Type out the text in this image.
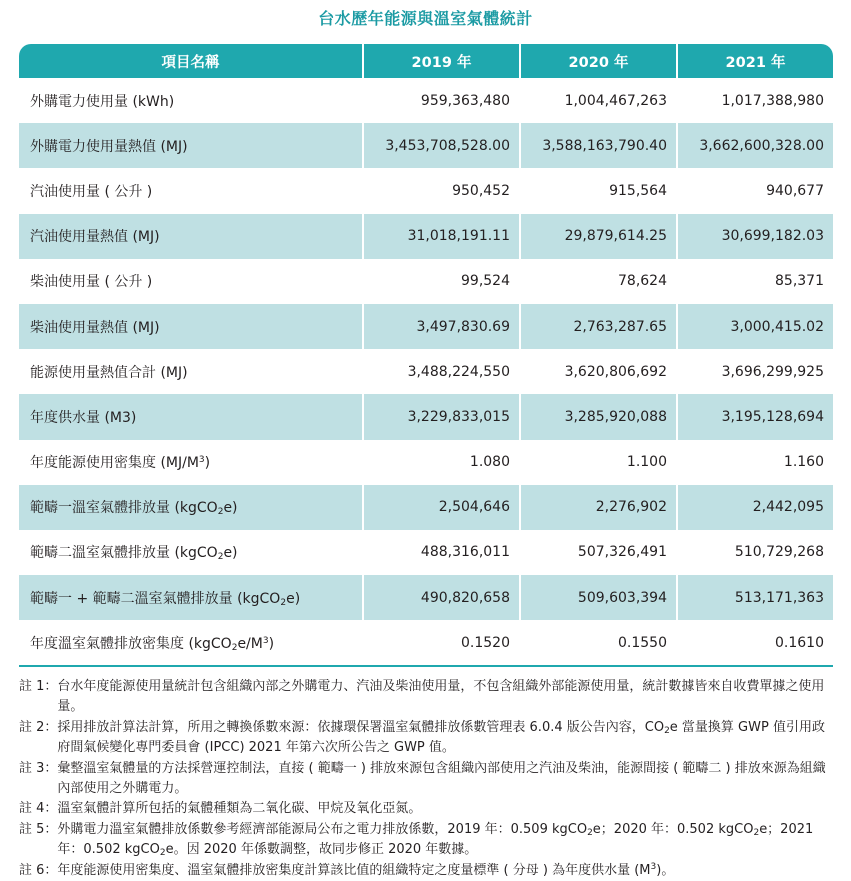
台水歷年能源與溫室氣體統計
項目名稱	2019 年	2020 年	2021 年
外購電力使用量 (kWh)	959,363,480	1,004,467,263	1,017,388,980
外購電力使用量熱值 (MJ)	3,453,708,528.00	3,588,163,790.40	3,662,600,328.00
汽油使用量 ( 公升 )	950,452	915,564	940,677
汽油使用量熱值 (MJ)	31,018,191.11	29,879,614.25	30,699,182.03
柴油使用量 ( 公升 )	99,524	78,624	85,371
柴油使用量熱值 (MJ)	3,497,830.69	2,763,287.65	3,000,415.02
能源使用量熱值合計 (MJ)	3,488,224,550	3,620,806,692	3,696,299,925
年度供水量 (M3)	3,229,833,015	3,285,920,088	3,195,128,694
年度能源使用密集度 $(MJ/M^3)$	1.080	1.100	1.160
範疇一溫室氣體排放量 (kgCO$_2$e)	2,504,646	2,276,902	2,442,095
範疇二溫室氣體排放量 (kgCO$_2$e)	488,316,011	507,326,491	510,729,268
範疇一 + 範疇二溫室氣體排放量 (kgCO$_2$e)	490,820,658	509,603,394	513,171,363
年度溫室氣體排放密集度 $(kgCO_2e/M^3)$	0.1520	0.1550	0.1610
註 1： 台水年度能源使用量統計包含組織內部之外購電力、汽油及柴油使用量，不包含組織外部能源使用量，統計數據皆來自收費單據之使用量。
註 2： 採用排放計算法計算，所用之轉換係數來源：依據環保署溫室氣體排放係數管理表 6.0.4 版公告內容，$CO_2e$ 當量換算 GWP 值引用政府間氣候變化專門委員會 (IPCC) 2021 年第六次所公告之 GWP 值。
註 3： 彙整溫室氣體量的方法採營運控制法，直接 ( 範疇一 ) 排放來源包含組織內部使用之汽油及柴油，能源間接 ( 範疇二 ) 排放來源為組織內部使用之外購電力。
註 4： 溫室氣體計算所包括的氣體種類為二氧化碳、甲烷及氧化亞氮。
註 5： 外購電力溫室氣體排放係數參考經濟部能源局公布之電力排放係數，2019 年：0.509 kgCO$_2$e；2020 年：0.502 kgCO$_2$e；2021 年：0.502 kgCO$_2$e。因 2020 年係數調整，故同步修正 2020 年數據。
註 6： 年度能源使用密集度、溫室氣體排放密集度計算該比值的組織特定之度量標準 ( 分母 ) 為年度供水量 $(M^3)$。
